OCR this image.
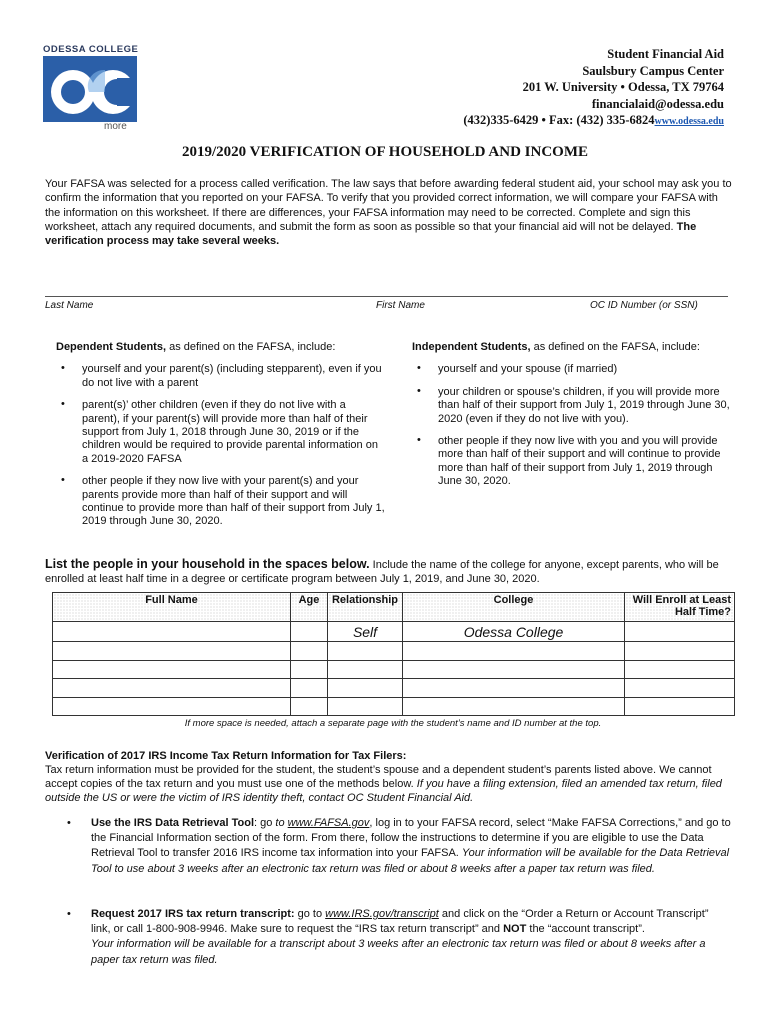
ODESSA COLLEGE
more
Student Financial Aid
Saulsbury Campus Center
201 W. University • Odessa, TX 79764
financialaid@odessa.edu
(432)335-6429 • Fax: (432) 335-6824www.odessa.edu
2019/2020 VERIFICATION OF HOUSEHOLD AND INCOME
Your FAFSA was selected for a process called verification. The law says that before awarding federal student aid, your school may ask you to confirm the information that you reported on your FAFSA. To verify that you provided correct information, we will compare your FAFSA with the information on this worksheet. If there are differences, your FAFSA information may need to be corrected. Complete and sign this worksheet, attach any required documents, and submit the form as soon as possible so that your financial aid will not be delayed. The verification process may take several weeks.
Last Name	First Name	OC ID Number (or SSN)
Dependent Students, as defined on the FAFSA, include:
• yourself and your parent(s) (including stepparent), even if you do not live with a parent
• parent(s)’ other children (even if they do not live with a parent), if your parent(s) will provide more than half of their support from July 1, 2018 through June 30, 2019 or if the children would be required to provide parental information on a 2019-2020 FAFSA
• other people if they now live with your parent(s) and your parents provide more than half of their support and will continue to provide more than half of their support from July 1, 2019 through June 30, 2020.
Independent Students, as defined on the FAFSA, include:
• yourself and your spouse (if married)
• your children or spouse’s children, if you will provide more than half of their support from July 1, 2019 through June 30, 2020 (even if they do not live with you).
• other people if they now live with you and you will provide more than half of their support and will continue to provide more than half of their support from July 1, 2019 through June 30, 2020.
List the people in your household in the spaces below. Include the name of the college for anyone, except parents, who will be enrolled at least half time in a degree or certificate program between July 1, 2019, and June 30, 2020.
Full Name	Age	Relationship	College	Will Enroll at Least Half Time?
		Self	Odessa College	

If more space is needed, attach a separate page with the student’s name and ID number at the top.
Verification of 2017 IRS Income Tax Return Information for Tax Filers:
Tax return information must be provided for the student, the student’s spouse and a dependent student’s parents listed above. We cannot accept copies of the tax return and you must use one of the methods below. If you have a filing extension, filed an amended tax return, filed outside the US or were the victim of IRS identity theft, contact OC Student Financial Aid.
• Use the IRS Data Retrieval Tool: go to www.FAFSA.gov, log in to your FAFSA record, select “Make FAFSA Corrections,” and go to the Financial Information section of the form. From there, follow the instructions to determine if you are eligible to use the Data Retrieval Tool to transfer 2016 IRS income tax information into your FAFSA. Your information will be available for the Data Retrieval Tool to use about 3 weeks after an electronic tax return was filed or about 8 weeks after a paper tax return was filed.
• Request 2017 IRS tax return transcript: go to www.IRS.gov/transcript and click on the “Order a Return or Account Transcript” link, or call 1-800-908-9946. Make sure to request the “IRS tax return transcript” and NOT the “account transcript”.
Your information will be available for a transcript about 3 weeks after an electronic tax return was filed or about 8 weeks after a paper tax return was filed.
